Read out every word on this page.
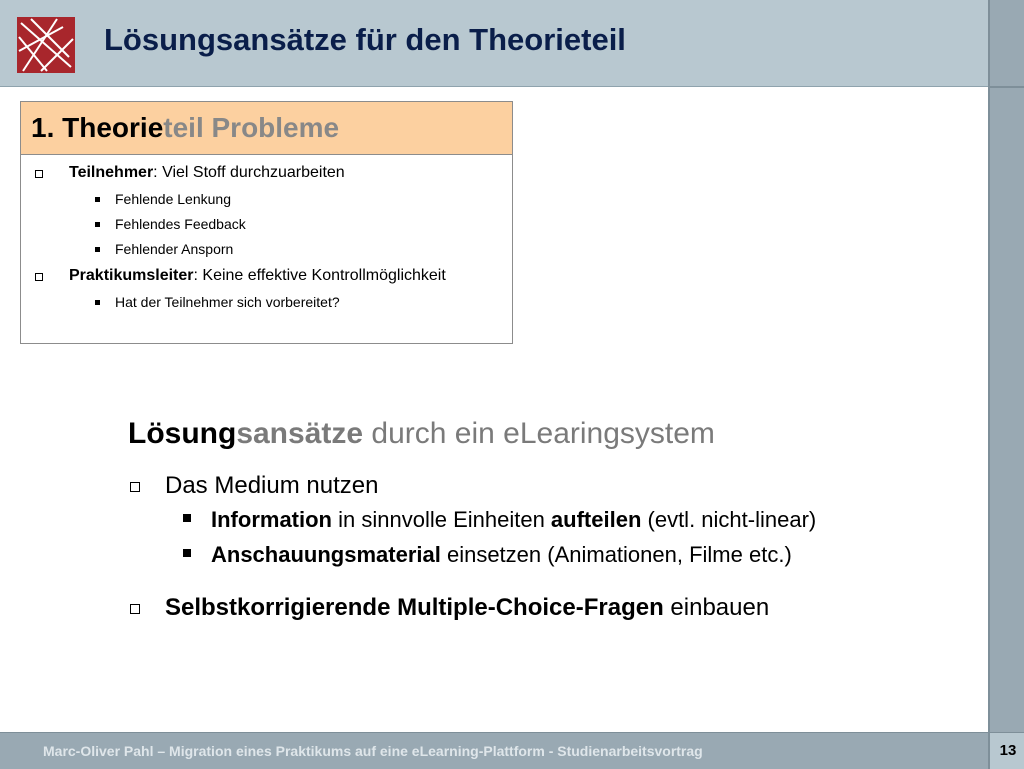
Lösungsansätze für den Theorieteil
1. Theorieteil Probleme
Teilnehmer: Viel Stoff durchzuarbeiten
Fehlende Lenkung
Fehlendes Feedback
Fehlender Ansporn
Praktikumsleiter: Keine effektive Kontrollmöglichkeit
Hat der Teilnehmer sich vorbereitet?
Lösungsansätze durch ein eLearingsystem
Das Medium nutzen
Information in sinnvolle Einheiten aufteilen (evtl. nicht-linear)
Anschauungsmaterial einsetzen (Animationen, Filme etc.)
Selbstkorrigierende Multiple-Choice-Fragen einbauen
Marc-Oliver Pahl – Migration eines Praktikums auf eine eLearning-Plattform - Studienarbeitsvortrag	13
